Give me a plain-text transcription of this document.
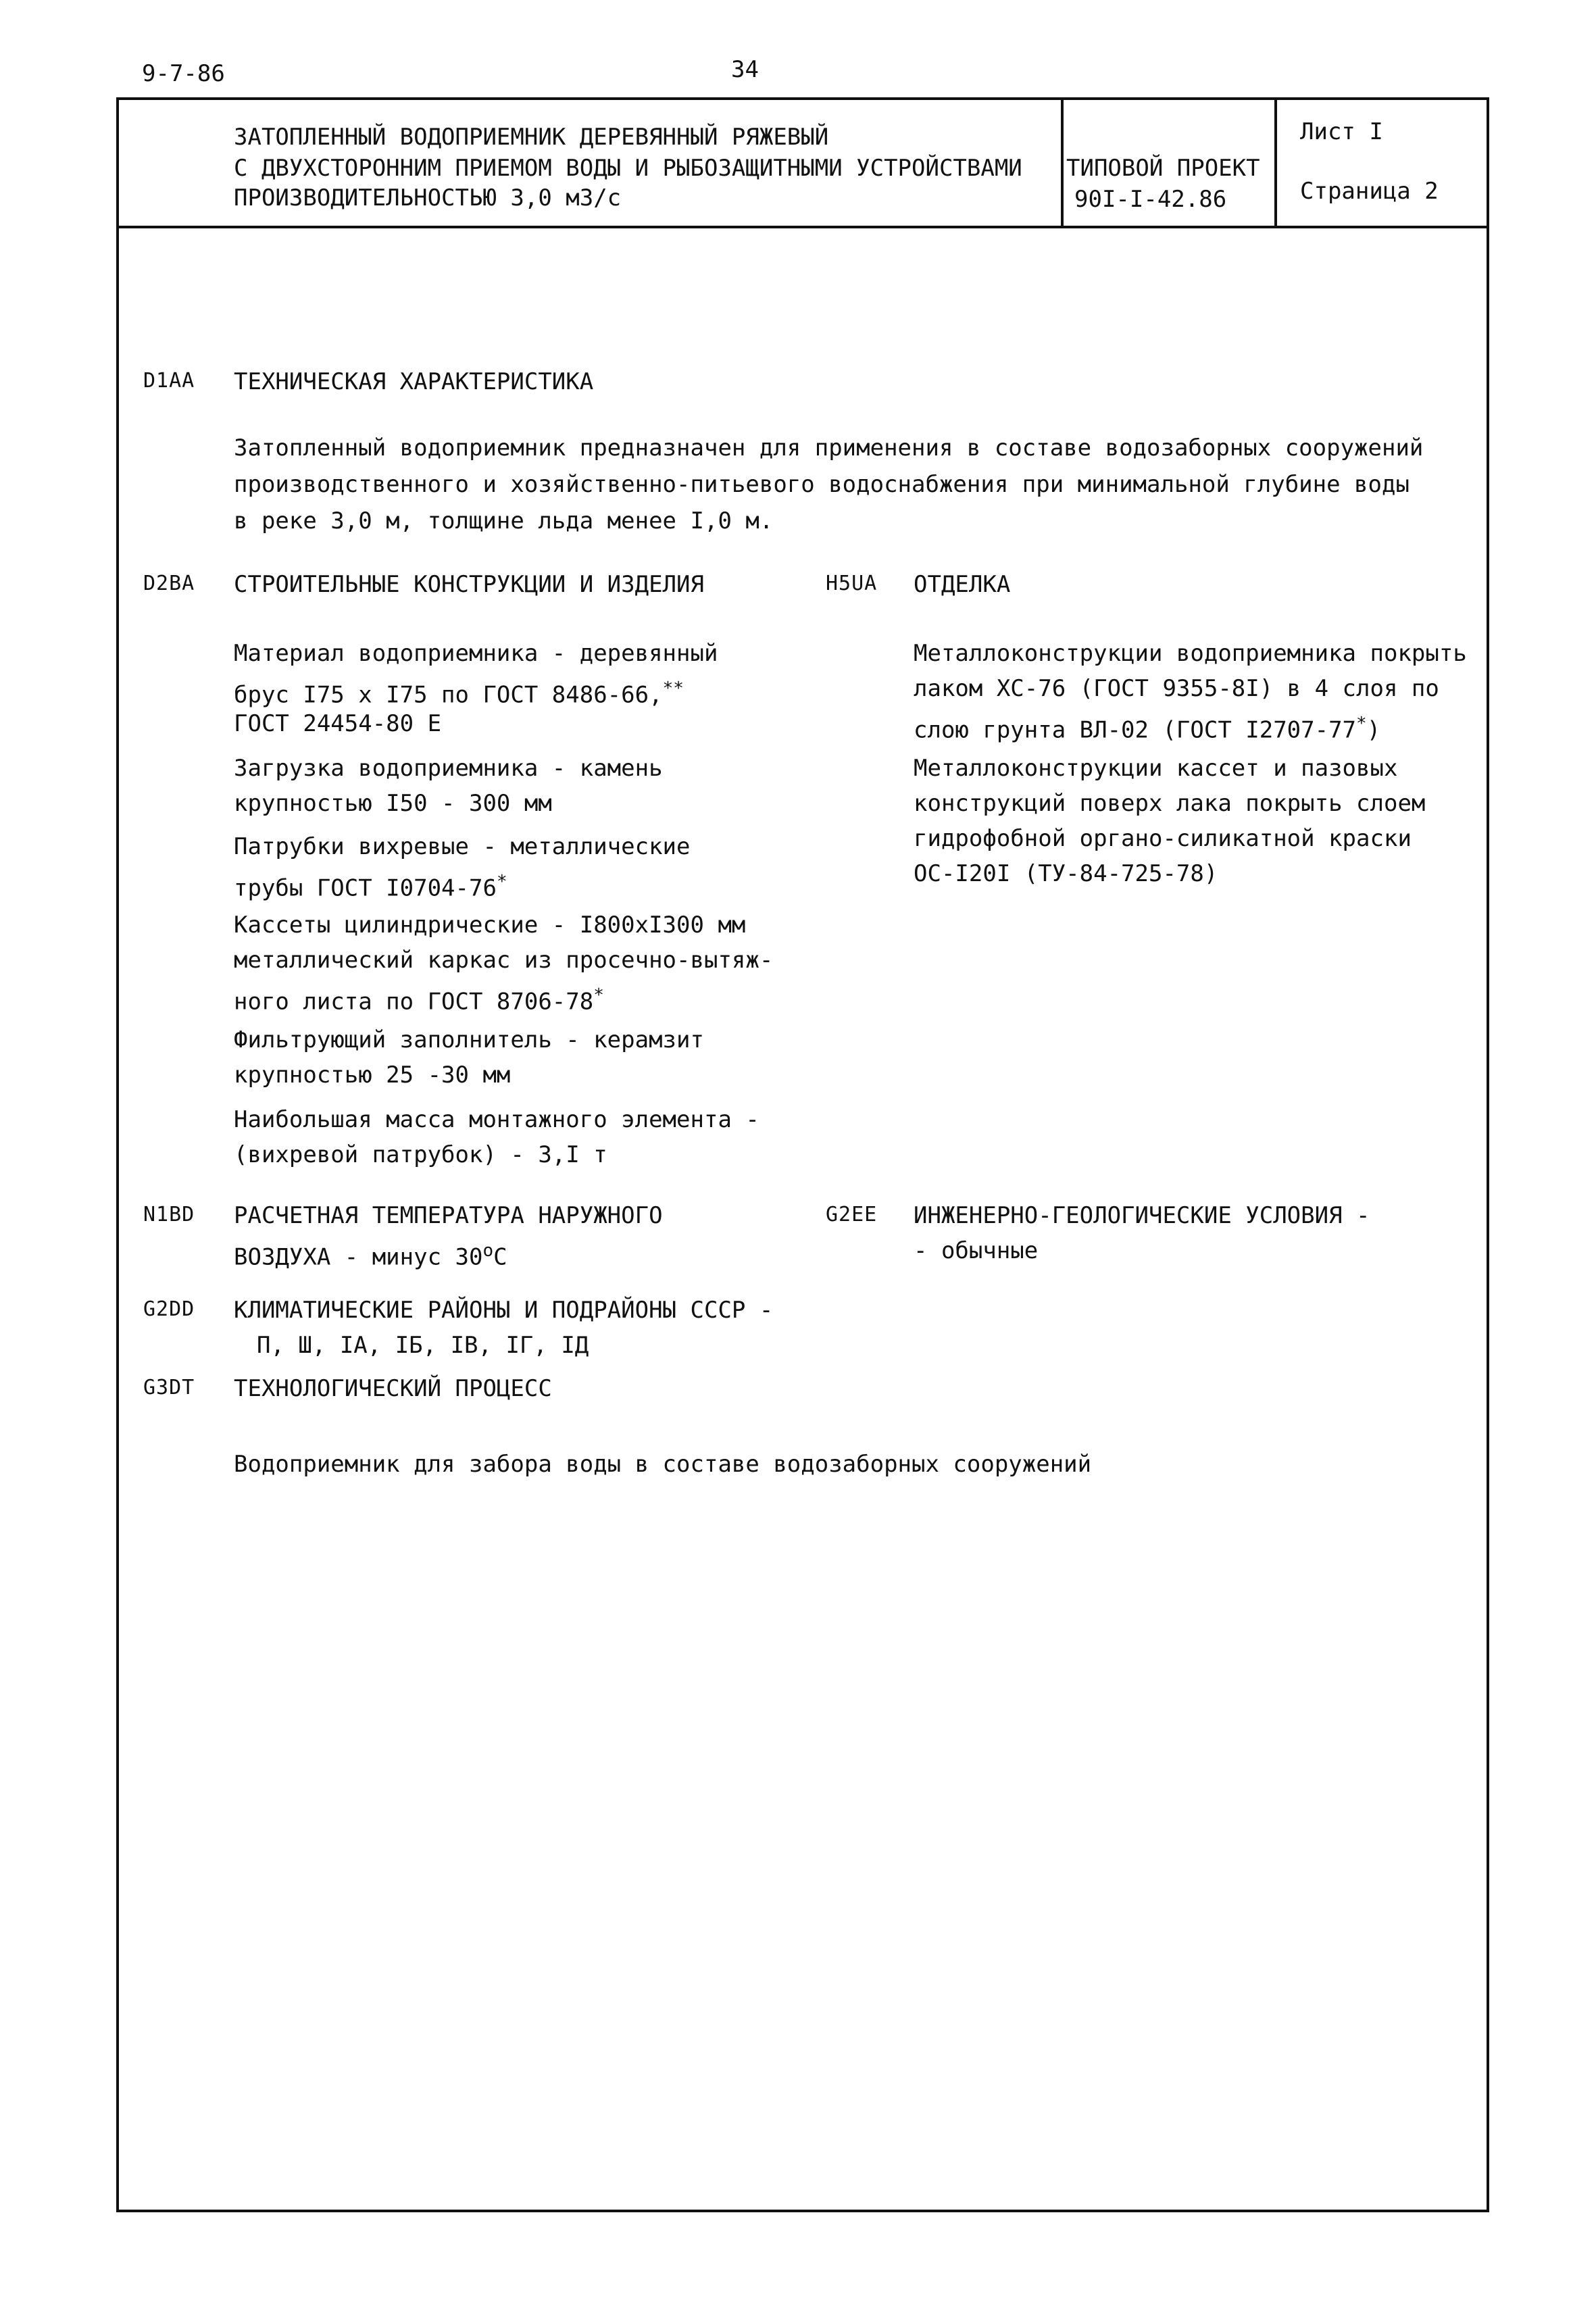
9-7-86	34
ЗАТОПЛЕННЫЙ ВОДОПРИЕМНИК ДЕРЕВЯННЫЙ РЯЖЕВЫЙ
С ДВУХСТОРОННИМ ПРИЕМОМ ВОДЫ И РЫБОЗАЩИТНЫМИ УСТРОЙСТВАМИ
ПРОИЗВОДИТЕЛЬНОСТЬЮ 3,0 м3/с
ТИПОВОЙ ПРОЕКТ
90I-I-42.86
Лист I
Страница 2
D1AA ТЕХНИЧЕСКАЯ ХАРАКТЕРИСТИКА
Затопленный водоприемник предназначен для применения в составе водозаборных сооружений
производственного и хозяйственно-питьевого водоснабжения при минимальной глубине воды
в реке 3,0 м, толщине льда менее I,0 м.
D2BA СТРОИТЕЛЬНЫЕ КОНСТРУКЦИИ И ИЗДЕЛИЯ
Материал водоприемника - деревянный
брус I75 х I75 по ГОСТ 8486-66,**
ГОСТ 24454-80 Е
Загрузка водоприемника - камень
крупностью I50 - 300 мм
Патрубки вихревые - металлические
трубы ГОСТ I0704-76*
Кассеты цилиндрические - I800хI300 мм
металлический каркас из просечно-вытяж-
ного листа по ГОСТ 8706-78*
Фильтрующий заполнитель - керамзит
крупностью 25 -30 мм
Наибольшая масса монтажного элемента -
(вихревой патрубок) - 3,I т
H5UA ОТДЕЛКА
Металлоконструкции водоприемника покрыть
лаком ХС-76 (ГОСТ 9355-8I) в 4 слоя по
слою грунта ВЛ-02 (ГОСТ I2707-77*)
Металлоконструкции кассет и пазовых
конструкций поверх лака покрыть слоем
гидрофобной органо-силикатной краски
ОС-I20I (ТУ-84-725-78)
N1BD РАСЧЕТНАЯ ТЕМПЕРАТУРА НАРУЖНОГО
ВОЗДУХА - минус $30^оС$
G2EE ИНЖЕНЕРНО-ГЕОЛОГИЧЕСКИЕ УСЛОВИЯ -
- обычные
G2DD КЛИМАТИЧЕСКИЕ РАЙОНЫ И ПОДРАЙОНЫ СССР -
П, Ш, IА, IБ, IВ, IГ, IД
G3DT ТЕХНОЛОГИЧЕСКИЙ ПРОЦЕСС
Водоприемник для забора воды в составе водозаборных сооружений
